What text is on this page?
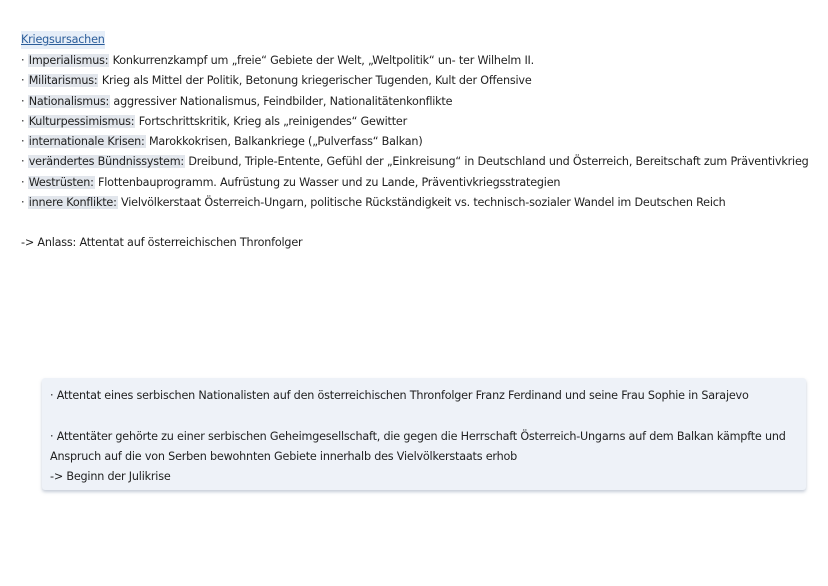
Kriegsursachen
· Imperialismus: Konkurrenzkampf um „freie“ Gebiete der Welt, „Weltpolitik“ un- ter Wilhelm II.
· Militarismus: Krieg als Mittel der Politik, Betonung kriegerischer Tugenden, Kult der Offensive
· Nationalismus: aggressiver Nationalismus, Feindbilder, Nationalitätenkonflikte
· Kulturpessimismus: Fortschrittskritik, Krieg als „reinigendes“ Gewitter
· internationale Krisen: Marokkokrisen, Balkankriege („Pulverfass“ Balkan)
· verändertes Bündnissystem: Dreibund, Triple-Entente, Gefühl der „Einkreisung“ in Deutschland und Österreich, Bereitschaft zum Präventivkrieg
· Westrüsten: Flottenbauprogramm. Aufrüstung zu Wasser und zu Lande, Präventivkriegsstrategien
· innere Konflikte: Vielvölkerstaat Österreich-Ungarn, politische Rückständigkeit vs. technisch-sozialer Wandel im Deutschen Reich
-> Anlass: Attentat auf österreichischen Thronfolger

· Attentat eines serbischen Nationalisten auf den österreichischen Thronfolger Franz Ferdinand und seine Frau Sophie in Sarajevo

· Attentäter gehörte zu einer serbischen Geheimgesellschaft, die gegen die Herrschaft Österreich-Ungarns auf dem Balkan kämpfte und Anspruch auf die von Serben bewohnten Gebiete innerhalb des Vielvölkerstaats erhob

-> Beginn der Julikrise
